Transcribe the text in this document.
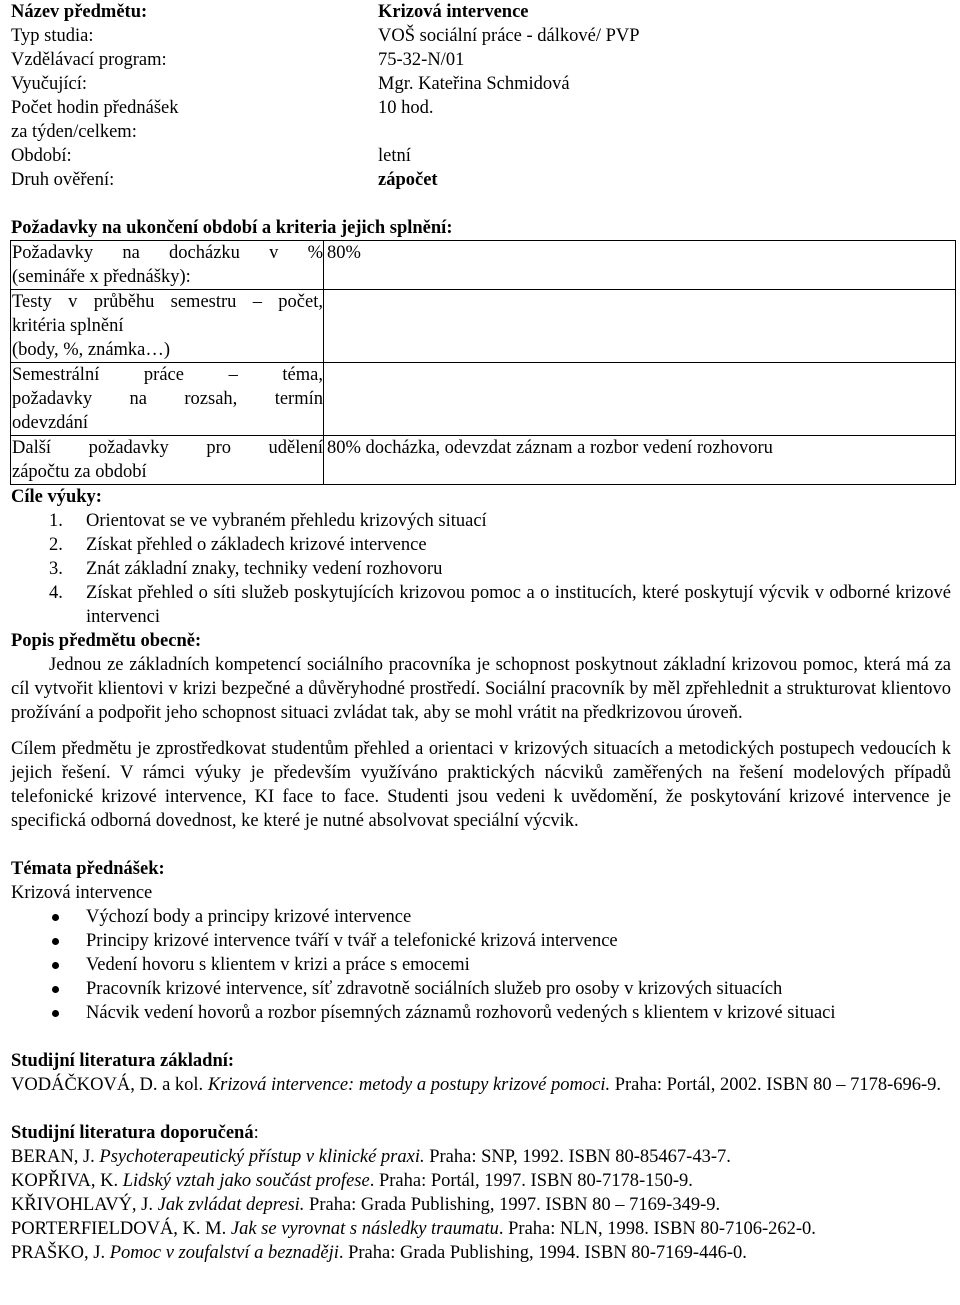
Název předmětu:	Krizová intervence
Typ studia:	VOŠ sociální práce - dálkové/ PVP
Vzdělávací program:	75-32-N/01
Vyučující:	Mgr. Kateřina Schmidová
Počet hodin přednášek	10 hod.
za týden/celkem:
Období:	letní
Druh ověření:	zápočet
Požadavky na ukončení období a kriteria jejich splnění:
Požadavky na docházku v %
(semináře x přednášky):	80%

Testy v průběhu semestru – počet,
kritéria splnění
(body, %, známka…)	

Semestrální práce – téma,
požadavky na rozsah, termín
odevzdání	

Další požadavky pro udělení
zápočtu za období	80% docházka, odevzdat záznam a rozbor vedení rozhovoru
Cíle výuky:
1. Orientovat se ve vybraném přehledu krizových situací
2. Získat přehled o základech krizové intervence
3. Znát základní znaky, techniky vedení rozhovoru
4. Získat přehled o síti služeb poskytujících krizovou pomoc a o institucích, které poskytují výcvik v odborné krizové intervenci
Popis předmětu obecně:

Jednou ze základních kompetencí sociálního pracovníka je schopnost poskytnout základní krizovou pomoc, která má za cíl vytvořit klientovi v krizi bezpečné a důvěryhodné prostředí. Sociální pracovník by měl zpřehlednit a strukturovat klientovo prožívání a podpořit jeho schopnost situaci zvládat tak, aby se mohl vrátit na předkrizovou úroveň.

Cílem předmětu je zprostředkovat studentům přehled a orientaci v krizových situacích a metodických postupech vedoucích k jejich řešení. V rámci výuky je především využíváno praktických nácviků zaměřených na řešení modelových případů telefonické krizové intervence, KI face to face. Studenti jsou vedeni k uvědomění, že poskytování krizové intervence je specifická odborná dovednost, ke které je nutné absolvovat speciální výcvik.

Témata přednášek:
Krizová intervence
Výchozí body a principy krizové intervence
Principy krizové intervence tváří v tvář a telefonické krizová intervence
Vedení hovoru s klientem v krizi a práce s emocemi
Pracovník krizové intervence, síť zdravotně sociálních služeb pro osoby v krizových situacích
Nácvik vedení hovorů a rozbor písemných záznamů rozhovorů vedených s klientem v krizové situaci
Studijní literatura základní:

VODÁČKOVÁ, D. a kol. Krizová intervence: metody a postupy krizové pomoci. Praha: Portál, 2002. ISBN 80 – 7178-696-9.

Studijní literatura doporučená:
BERAN, J. Psychoterapeutický přístup v klinické praxi. Praha: SNP, 1992. ISBN 80-85467-43-7.
KOPŘIVA, K. Lidský vztah jako součást profese. Praha: Portál, 1997. ISBN 80-7178-150-9.
KŘIVOHLAVÝ, J. Jak zvládat depresi. Praha: Grada Publishing, 1997. ISBN 80 – 7169-349-9.
PORTERFIELDOVÁ, K. M. Jak se vyrovnat s následky traumatu. Praha: NLN, 1998. ISBN 80-7106-262-0.
PRAŠKO, J. Pomoc v zoufalství a beznaději. Praha: Grada Publishing, 1994. ISBN 80-7169-446-0.
